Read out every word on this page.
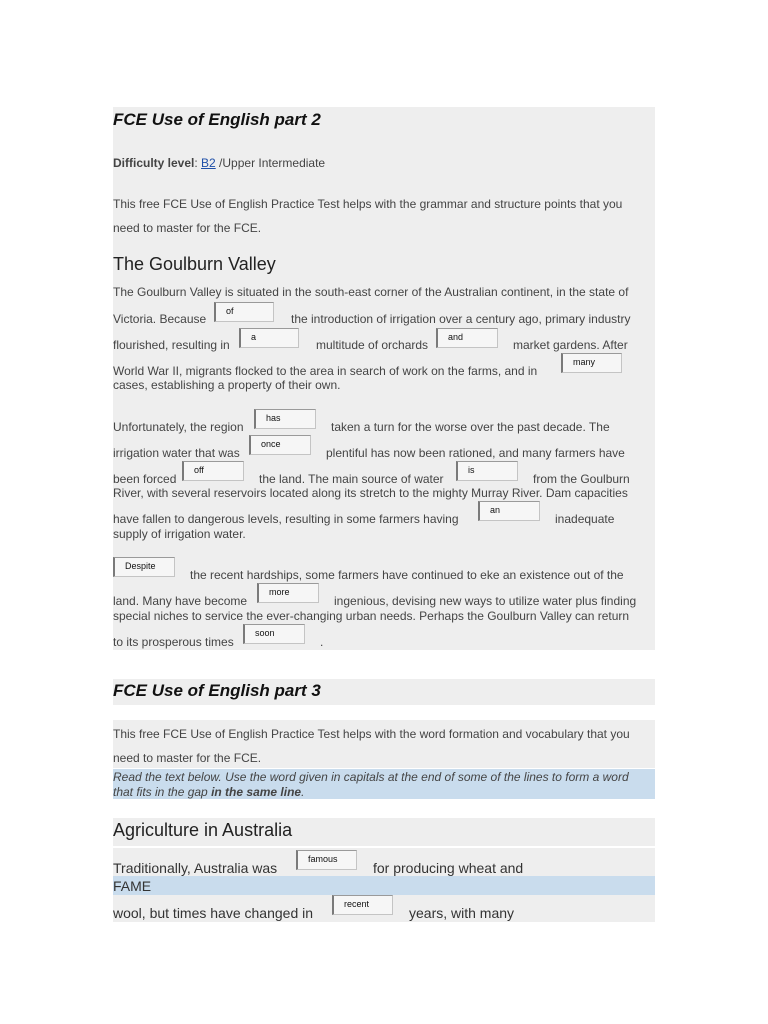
FCE Use of English part 2
Difficulty level: B2 /Upper Intermediate
This free FCE Use of English Practice Test helps with the grammar and structure points that you
need to master for the FCE.
The Goulburn Valley
The Goulburn Valley is situated in the south-east corner of the Australian continent, in the state of
Victoria. Because
of
the introduction of irrigation over a century ago, primary industry
flourished, resulting in
a
multitude of orchards
and
market gardens. After
World War II, migrants flocked to the area in search of work on the farms, and in
many
cases, establishing a property of their own.
Unfortunately, the region
has
taken a turn for the worse over the past decade. The
irrigation water that was
once
plentiful has now been rationed, and many farmers have
been forced
off
the land. The main source of water
is
from the Goulburn
River, with several reservoirs located along its stretch to the mighty Murray River. Dam capacities
have fallen to dangerous levels, resulting in some farmers having
an
inadequate
supply of irrigation water.
Despite
the recent hardships, some farmers have continued to eke an existence out of the
land. Many have become
more
ingenious, devising new ways to utilize water plus finding
special niches to service the ever-changing urban needs. Perhaps the Goulburn Valley can return
to its prosperous times
soon
.
FCE Use of English part 3
This free FCE Use of English Practice Test helps with the word formation and vocabulary that you
need to master for the FCE.
Read the text below. Use the word given in capitals at the end of some of the lines to form a word
that fits in the gap in the same line.
Agriculture in Australia
Traditionally, Australia was
famous
for producing wheat and
FAME
wool, but times have changed in
recent
years, with many
